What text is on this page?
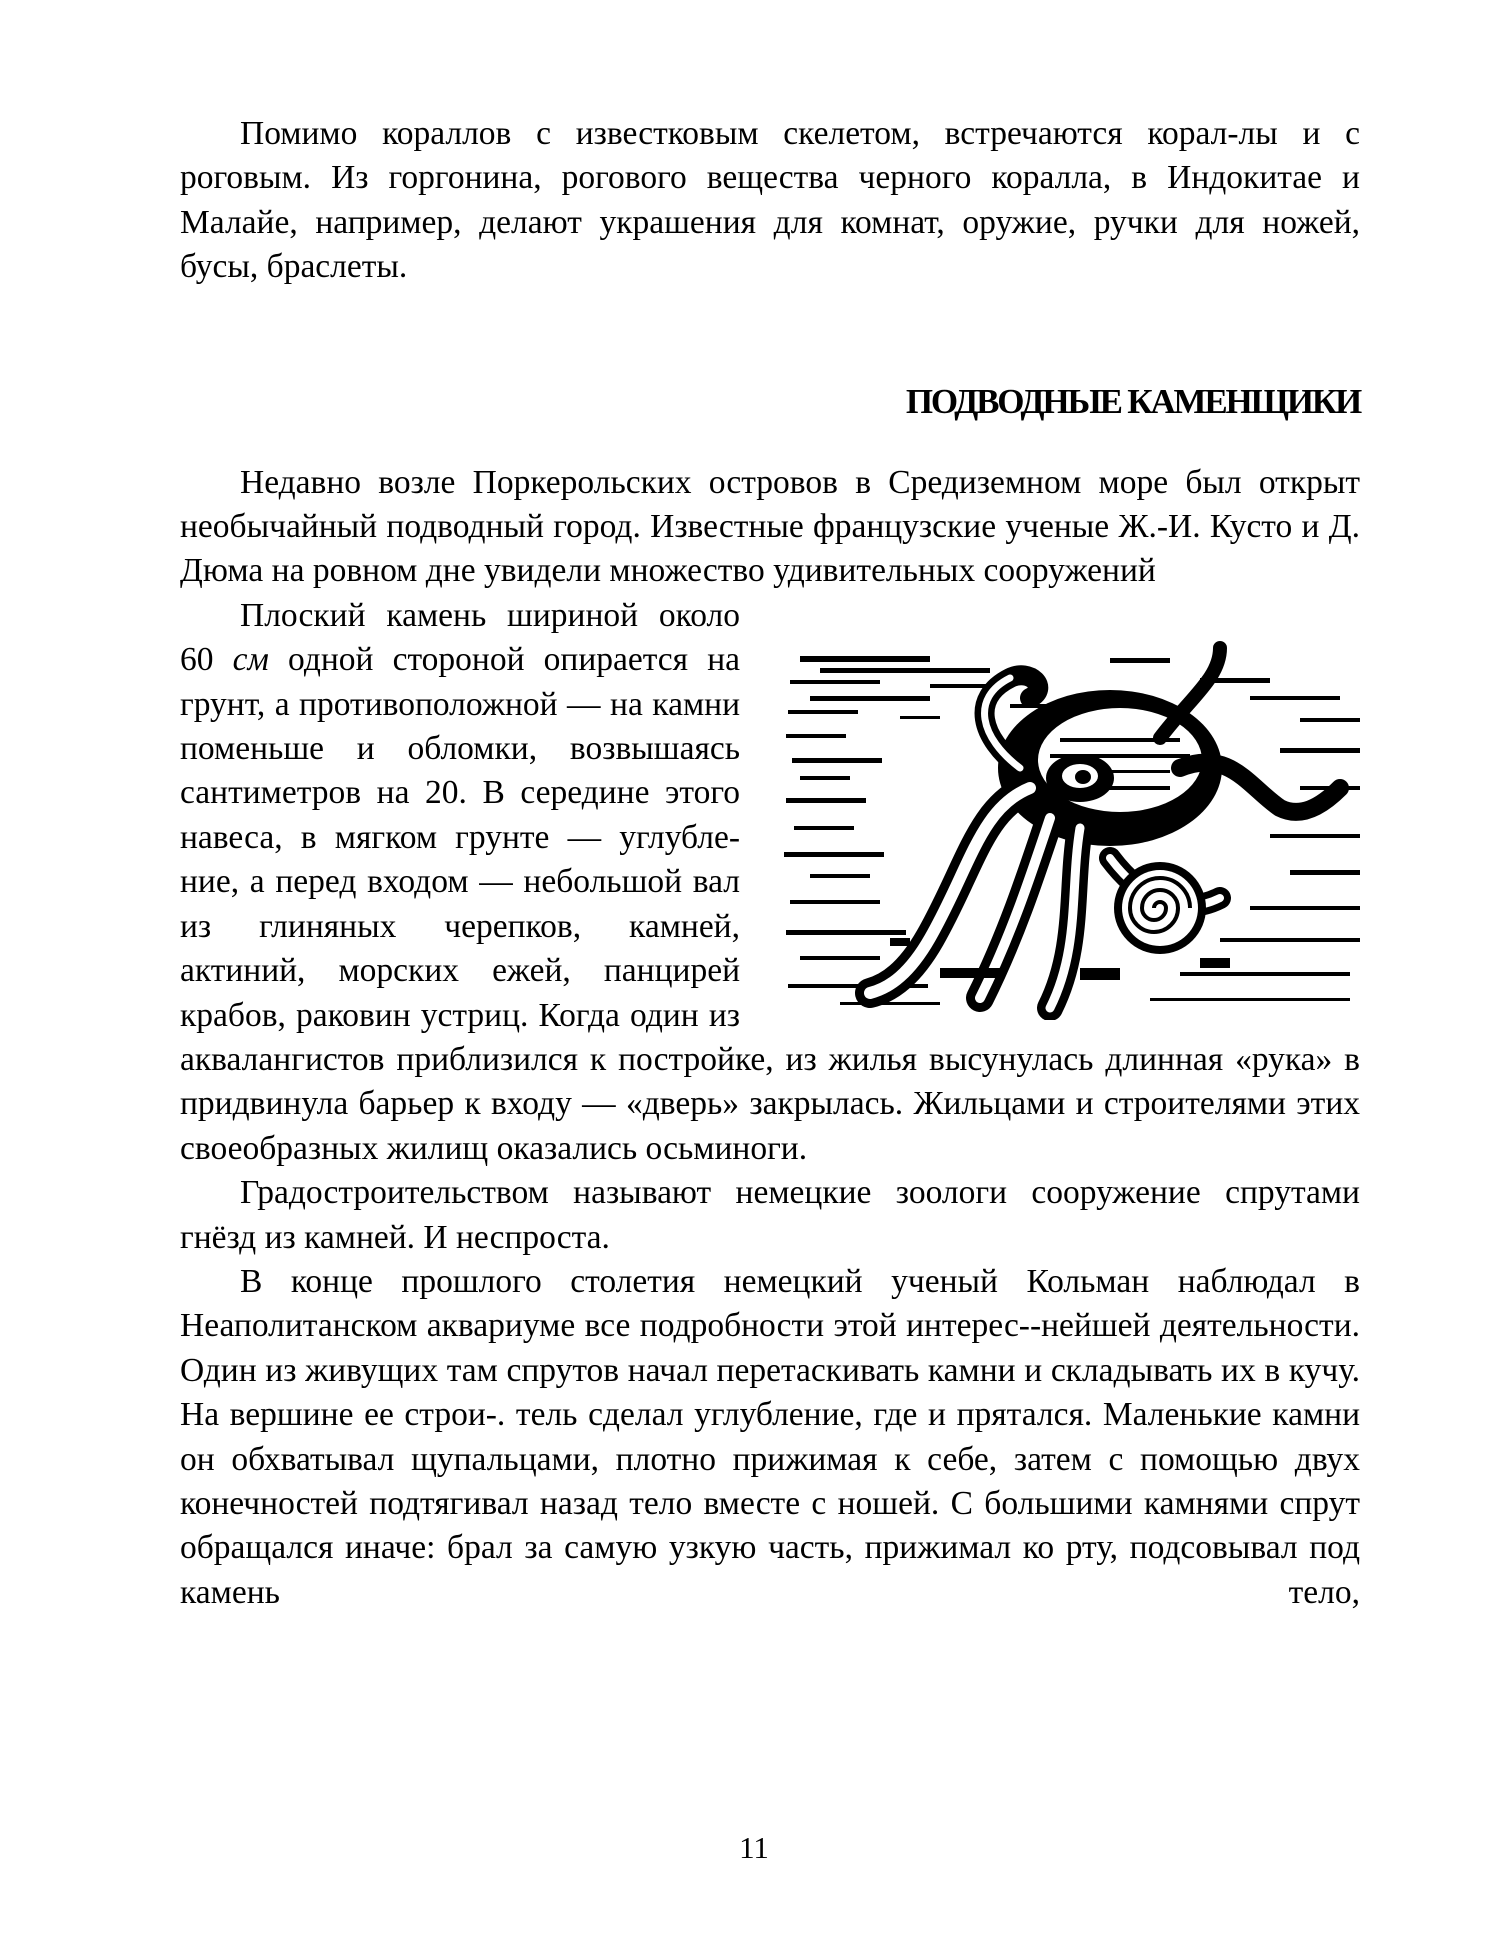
Помимо кораллов с известковым скелетом, встречаются корал-лы и с роговым. Из горгонина, рогового вещества черного коралла, в Индокитае и Малайе, например, делают украшения для комнат, оружие, ручки для ножей, бусы, браслеты.

ПОДВОДНЫЕ КАМЕНЩИКИ

Недавно возле Поркерольских островов в Средиземном море был открыт необычайный подводный город. Известные французские ученые Ж.-И. Кусто и Д. Дюма на ровном дне увидели множество удивительных сооружений

Плоский камень шириной около 60 см одной стороной опирается на грунт, а противоположной — на камни поменьше и обломки, возвышаясь сантиметров на 20. В середине этого навеса, в мягком грунте — углубле-ние, а перед входом — небольшой вал из глиняных черепков, камней, актиний, морских ежей, панцирей крабов, раковин устриц. Когда один из аквалангистов приблизился к постройке, из жилья высунулась длинная «рука» в придвинула барьер к входу — «дверь» закрылась. Жильцами и строителями этих своеобразных жилищ оказались осьминоги.

Градостроительством называют немецкие зоологи сооружение спрутами гнёзд из камней. И неспроста.

В конце прошлого столетия немецкий ученый Кольман наблюдал в Неаполитанском аквариуме все подробности этой интерес--нейшей деятельности. Один из живущих там спрутов начал перетаскивать камни и складывать их в кучу. На вершине ее строи-. тель сделал углубление, где и прятался. Маленькие камни он обхватывал щупальцами, плотно прижимая к себе, затем с помощью двух конечностей подтягивал назад тело вместе с ношей. С большими камнями спрут обращался иначе: брал за самую узкую часть, прижимал ко рту, подсовывал под камень тело,

11
